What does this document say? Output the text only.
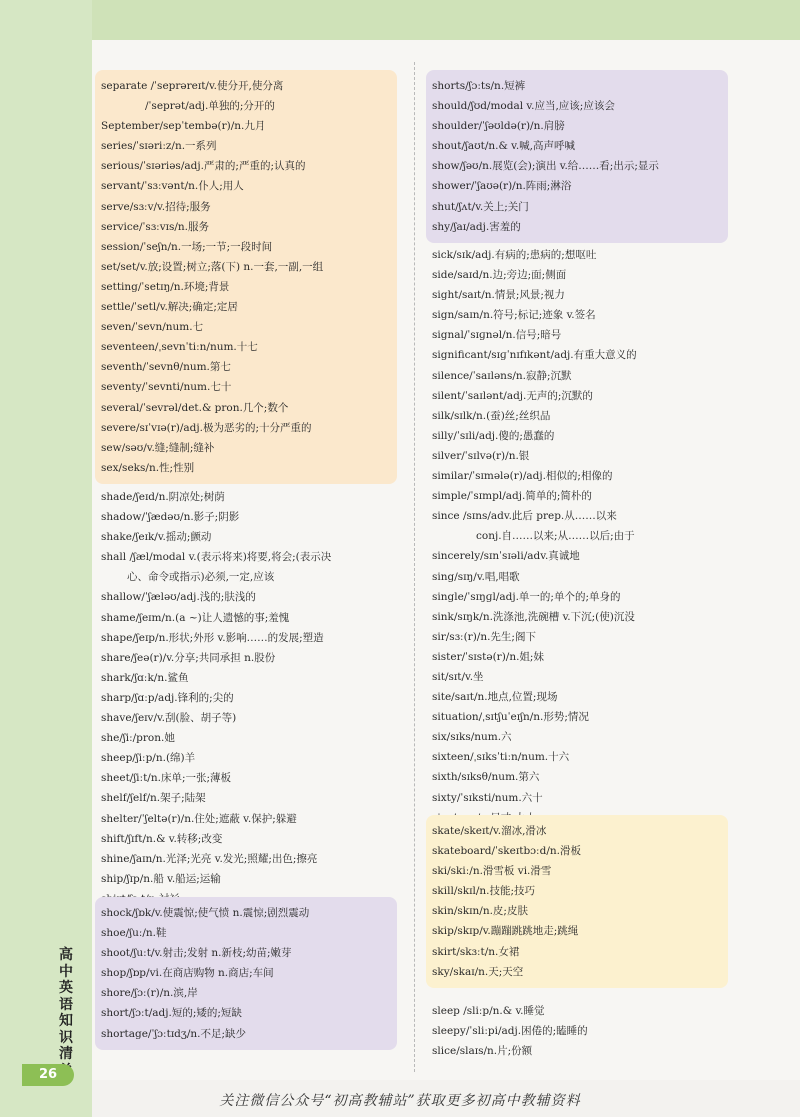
separate /ˈseprəreɪt/v.使分开,使分离
/ˈseprət/adj.单独的;分开的
September/sepˈtembə(r)/n.九月
series/ˈsɪəriːz/n.一系列
serious/ˈsɪəriəs/adj.严肃的;严重的;认真的
servant/ˈsɜːvənt/n.仆人;用人
serve/sɜːv/v.招待;服务
service/ˈsɜːvɪs/n.服务
session/ˈseʃn/n.一场;一节;一段时间
set/set/v.放;设置;树立;落(下) n.一套,一副,一组
setting/ˈsetɪŋ/n.环境;背景
settle/ˈsetl/v.解决;确定;定居
seven/ˈsevn/num.七
seventeen/ˌsevnˈtiːn/num.十七
seventh/ˈsevnθ/num.第七
seventy/ˈsevnti/num.七十
several/ˈsevrəl/det.& pron.几个;数个
severe/sɪˈvɪə(r)/adj.极为恶劣的;十分严重的
sew/səʊ/v.缝;缝制;缝补
sex/seks/n.性;性别
shade/ʃeɪd/n.阴凉处;树荫
shadow/ˈʃædəʊ/n.影子;阴影
shake/ʃeɪk/v.摇动;颤动
shall /ʃæl/modal v.(表示将来)将要,将会;(表示决
心、命令或指示)必须,一定,应该
shallow/ˈʃæləʊ/adj.浅的;肤浅的
shame/ʃeɪm/n.(a ~)让人遗憾的事;羞愧
shape/ʃeɪp/n.形状;外形 v.影响……的发展;塑造
share/ʃeə(r)/v.分享;共同承担 n.股份
shark/ʃɑːk/n.鲨鱼
sharp/ʃɑːp/adj.锋利的;尖的
shave/ʃeɪv/v.刮(脸、胡子等)
she/ʃiː/pron.她
sheep/ʃiːp/n.(绵)羊
sheet/ʃiːt/n.床单;一张;薄板
shelf/ʃelf/n.架子;陆架
shelter/ˈʃeltə(r)/n.住处;遮蔽 v.保护;躲避
shift/ʃɪft/n.& v.转移;改变
shine/ʃaɪn/n.光泽;光亮 v.发光;照耀;出色;擦亮
ship/ʃɪp/n.船 v.船运;运输
shock/ʃɒk/v.使震惊;使气愤 n.震惊;剧烈震动
shoe/ʃuː/n.鞋
shoot/ʃuːt/v.射击;发射 n.新枝;幼苗;嫩芽
shop/ʃɒp/vi.在商店购物 n.商店;车间
shore/ʃɔː(r)/n.滨,岸
short/ʃɔːt/adj.短的;矮的;短缺
shortage/ˈʃɔːtɪdʒ/n.不足;缺少
shorts/ʃɔːts/n.短裤
should/ʃʊd/modal v.应当,应该;应该会
shoulder/ˈʃəʊldə(r)/n.肩膀
shout/ʃaʊt/n.& v.喊,高声呼喊
show/ʃəʊ/n.展览(会);演出 v.给……看;出示;显示
shower/ˈʃaʊə(r)/n.阵雨;淋浴
shut/ʃʌt/v.关上;关门
shy/ʃaɪ/adj.害羞的
sick/sɪk/adj.有病的;患病的;想呕吐
side/saɪd/n.边;旁边;面;侧面
sight/saɪt/n.情景;风景;视力
sign/saɪn/n.符号;标记;迹象 v.签名
signal/ˈsɪɡnəl/n.信号;暗号
significant/sɪɡˈnɪfɪkənt/adj.有重大意义的
silence/ˈsaɪləns/n.寂静;沉默
silent/ˈsaɪlənt/adj.无声的;沉默的
silk/sɪlk/n.(蚕)丝;丝织品
silly/ˈsɪli/adj.傻的;愚蠢的
silver/ˈsɪlvə(r)/n.银
similar/ˈsɪmələ(r)/adj.相似的;相像的
simple/ˈsɪmpl/adj.简单的;简朴的
since /sɪns/adv.此后 prep.从……以来
conj.自……以来;从……以后;由于
sincerely/sɪnˈsɪəli/adv.真诚地
sing/sɪŋ/v.唱,唱歌
single/ˈsɪŋɡl/adj.单一的;单个的;单身的
sink/sɪŋk/n.洗涤池,洗碗槽 v.下沉;(使)沉没
sir/sɜː(r)/n.先生;阁下
sister/ˈsɪstə(r)/n.姐;妹
sit/sɪt/v.坐
site/saɪt/n.地点,位置;现场
situation/ˌsɪtʃuˈeɪʃn/n.形势;情况
six/sɪks/num.六
sixteen/ˌsɪksˈtiːn/num.十六
sixth/sɪksθ/num.第六
sixty/ˈsɪksti/num.六十
skate/skeɪt/v.溜冰,滑冰
skateboard/ˈskeɪtbɔːd/n.滑板
ski/skiː/n.滑雪板 vi.滑雪
skill/skɪl/n.技能;技巧
skin/skɪn/n.皮;皮肤
skip/skɪp/v.蹦蹦跳跳地走;跳绳
skirt/skɜːt/n.女裙
sky/skaɪ/n.天;天空
sleep /sliːp/n.& v.睡觉
sleepy/ˈsliːpi/adj.困倦的;瞌睡的
slice/slaɪs/n.片;份额
高中英语知识清
26
关注微信公众号“初高教辅站”获取更多初高中教辅资料
